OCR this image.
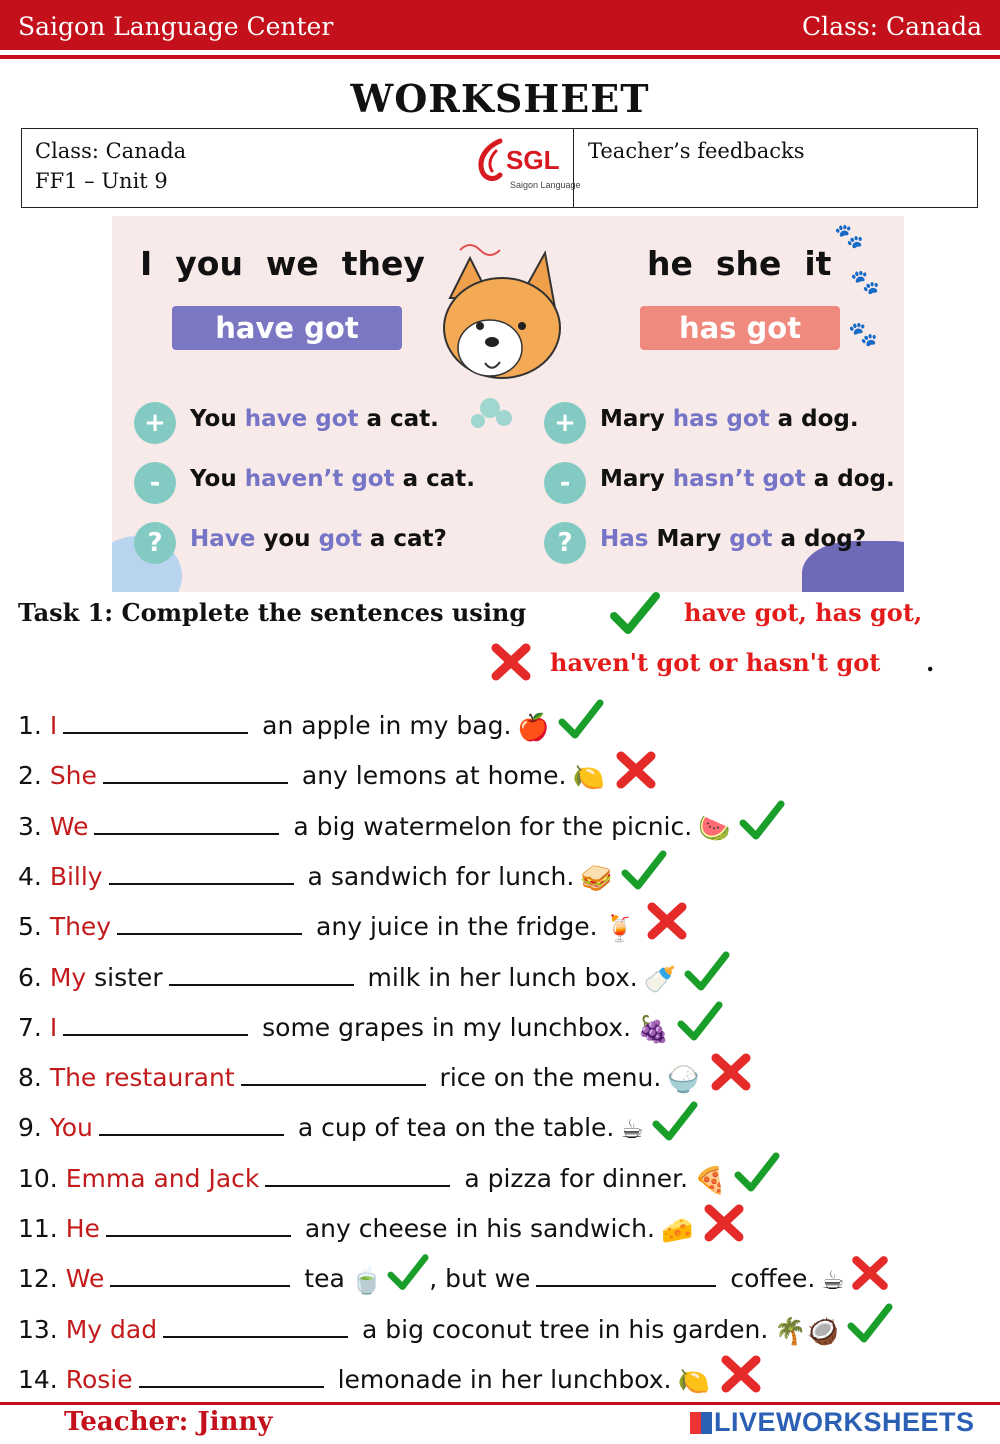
Saigon Language Center	Class: Canada
WORKSHEET
Class: Canada
FF1 – Unit 9
SGL
Saigon Language
Teacher’s feedbacks
🐾
🐾
🐾
I  you  we  they	he  she  it
have got	has got
+
-
?
+
-
?
You have got a cat.
You haven’t got a cat.
Have you got a cat?
Mary has got a dog.
Mary hasn’t got a dog.
Has Mary got a dog?
Task 1: Complete the sentences using	have got, has got,
haven't got or hasn't got .
1. I	an apple in my bag. 🍎
2. She	any lemons at home. 🍋
3. We	a big watermelon for the picnic. 🍉
4. Billy	a sandwich for lunch. 🥪
5. They	any juice in the fridge. 🍹
6. My sister	milk in her lunch box. 🍼
7. I	some grapes in my lunchbox. 🍇
8. The restaurant	rice on the menu. 🍚
9. You	a cup of tea on the table. ☕
10. Emma and Jack	a pizza for dinner. 🍕
11. He	any cheese in his sandwich. 🧀
12. We	tea 🍵 , but we	coffee. ☕
13. My dad	a big coconut tree in his garden. 🌴🥥
14. Rosie	lemonade in her lunchbox. 🍋
Teacher: Jinny	LIVEWORKSHEETS
